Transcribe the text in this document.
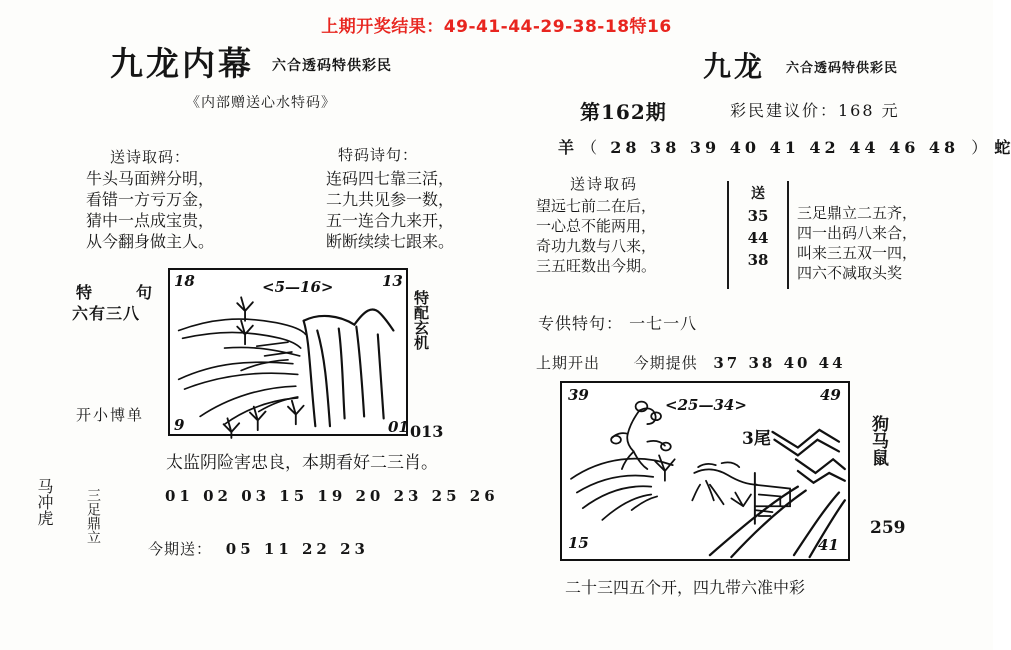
上期开奖结果：49-41-44-29-38-18特16
九龙内幕 六合透码特供彩民
《内部赠送心水特码》
九龙 六合透码特供彩民
第162期	彩民建议价：168 元
羊 （ 28 38 39 40 41 42 44 46 48 ） 蛇
送诗取码：
牛头马面辨分明，
看错一方亏万金，
猜中一点成宝贵，
从今翻身做主人。
特码诗句：
连码四七靠三活，
二九共见参一数，
五一连合九来开，
断断续续七跟来。
送诗取码
望远七前二在后，
一心总不能两用，
奇功九数与八来，
三五旺数出今期。
送
35
44
38
三足鼎立二五齐，
四一出码八来合，
叫来三五双一四，
四六不减取头奖
专供特句： 一七一八
上期开出 今期提供 37 38 40 44
特　句
六有三八
开小博单
18	13
9	01
<5—16>
特配玄机
013
太监阴险害忠良，本期看好二三肖。
01 02 03 15 19 20 23 25 26
今期送： 05 11 22 23
马冲虎 三足鼎立
39	49
15	41
<25—34>
3尾	狗马鼠
259
二十三四五个开，四九带六准中彩
